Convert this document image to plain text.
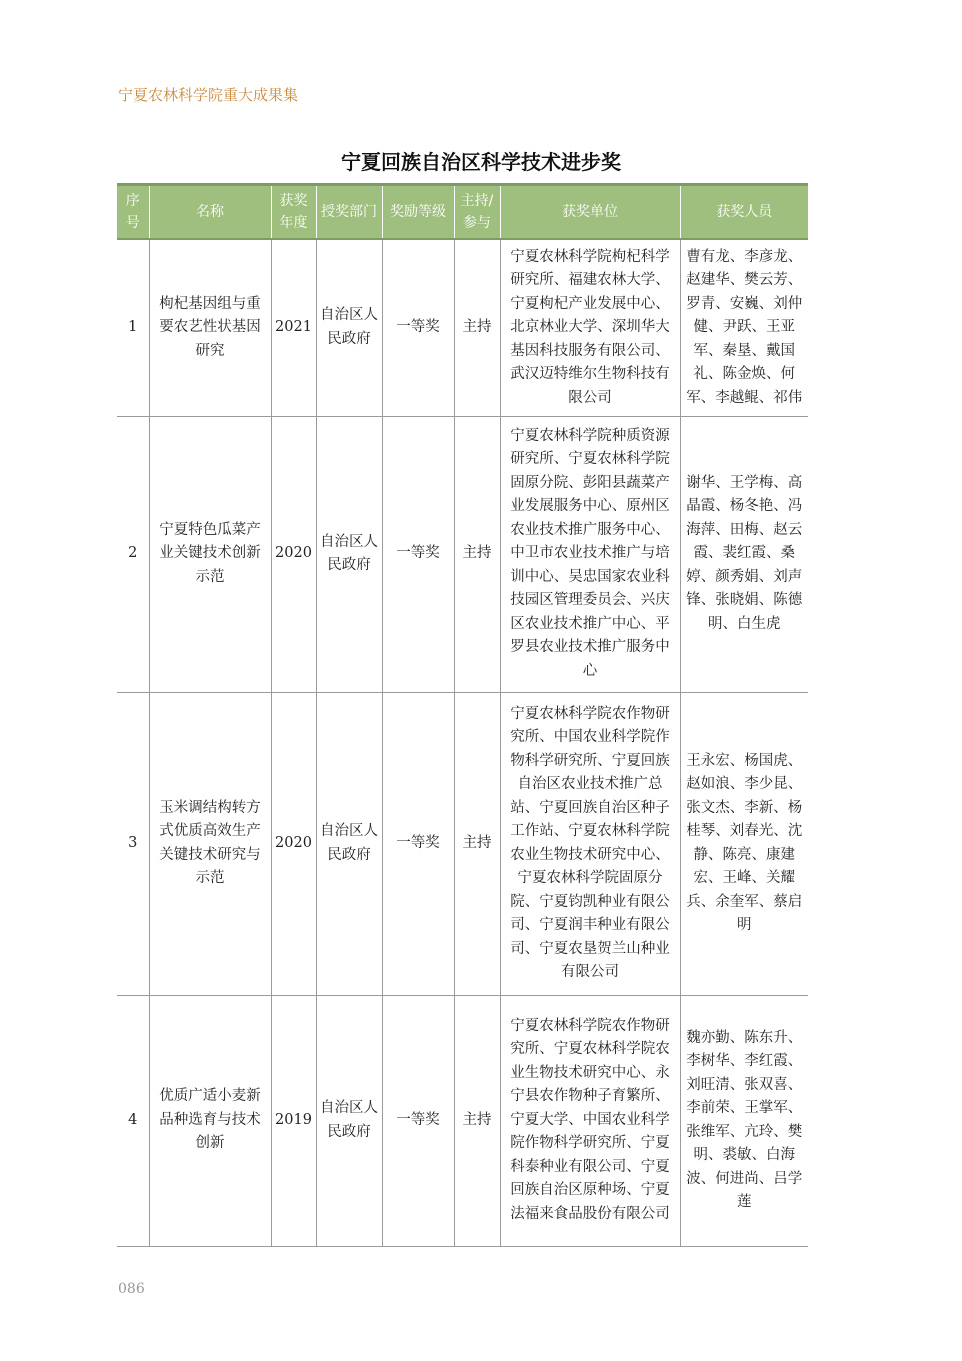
宁夏农林科学院重大成果集
宁夏回族自治区科学技术进步奖
序号	名称	获奖年度	授奖部门	奖励等级	主持/参与	获奖单位	获奖人员
1	枸杞基因组与重要农艺性状基因研究	2021	自治区人民政府	一等奖	主持	宁夏农林科学院枸杞科学研究所、福建农林大学、宁夏枸杞产业发展中心、北京林业大学、深圳华大基因科技服务有限公司、武汉迈特维尔生物科技有限公司	曹有龙、李彦龙、赵建华、樊云芳、罗青、安巍、刘仲健、尹跃、王亚军、秦垦、戴国礼、陈金焕、何军、李越鲲、祁伟
2	宁夏特色瓜菜产业关键技术创新示范	2020	自治区人民政府	一等奖	主持	宁夏农林科学院种质资源研究所、宁夏农林科学院固原分院、彭阳县蔬菜产业发展服务中心、原州区农业技术推广服务中心、中卫市农业技术推广与培训中心、吴忠国家农业科技园区管理委员会、兴庆区农业技术推广中心、平罗县农业技术推广服务中心	谢华、王学梅、高晶霞、杨冬艳、冯海萍、田梅、赵云霞、裴红霞、桑婷、颜秀娟、刘声锋、张晓娟、陈德明、白生虎
3	玉米调结构转方式优质高效生产关键技术研究与示范	2020	自治区人民政府	一等奖	主持	宁夏农林科学院农作物研究所、中国农业科学院作物科学研究所、宁夏回族自治区农业技术推广总站、宁夏回族自治区种子工作站、宁夏农林科学院农业生物技术研究中心、宁夏农林科学院固原分院、宁夏钧凯种业有限公司、宁夏润丰种业有限公司、宁夏农垦贺兰山种业有限公司	王永宏、杨国虎、赵如浪、李少昆、张文杰、李新、杨桂琴、刘春光、沈静、陈亮、康建宏、王峰、关耀兵、余奎军、蔡启明
4	优质广适小麦新品种选育与技术创新	2019	自治区人民政府	一等奖	主持	宁夏农林科学院农作物研究所、宁夏农林科学院农业生物技术研究中心、永宁县农作物种子育繁所、宁夏大学、中国农业科学院作物科学研究所、宁夏科泰种业有限公司、宁夏回族自治区原种场、宁夏法福来食品股份有限公司	魏亦勤、陈东升、李树华、李红霞、刘旺清、张双喜、李前荣、王掌军、张维军、亢玲、樊明、裘敏、白海波、何进尚、吕学莲
086
